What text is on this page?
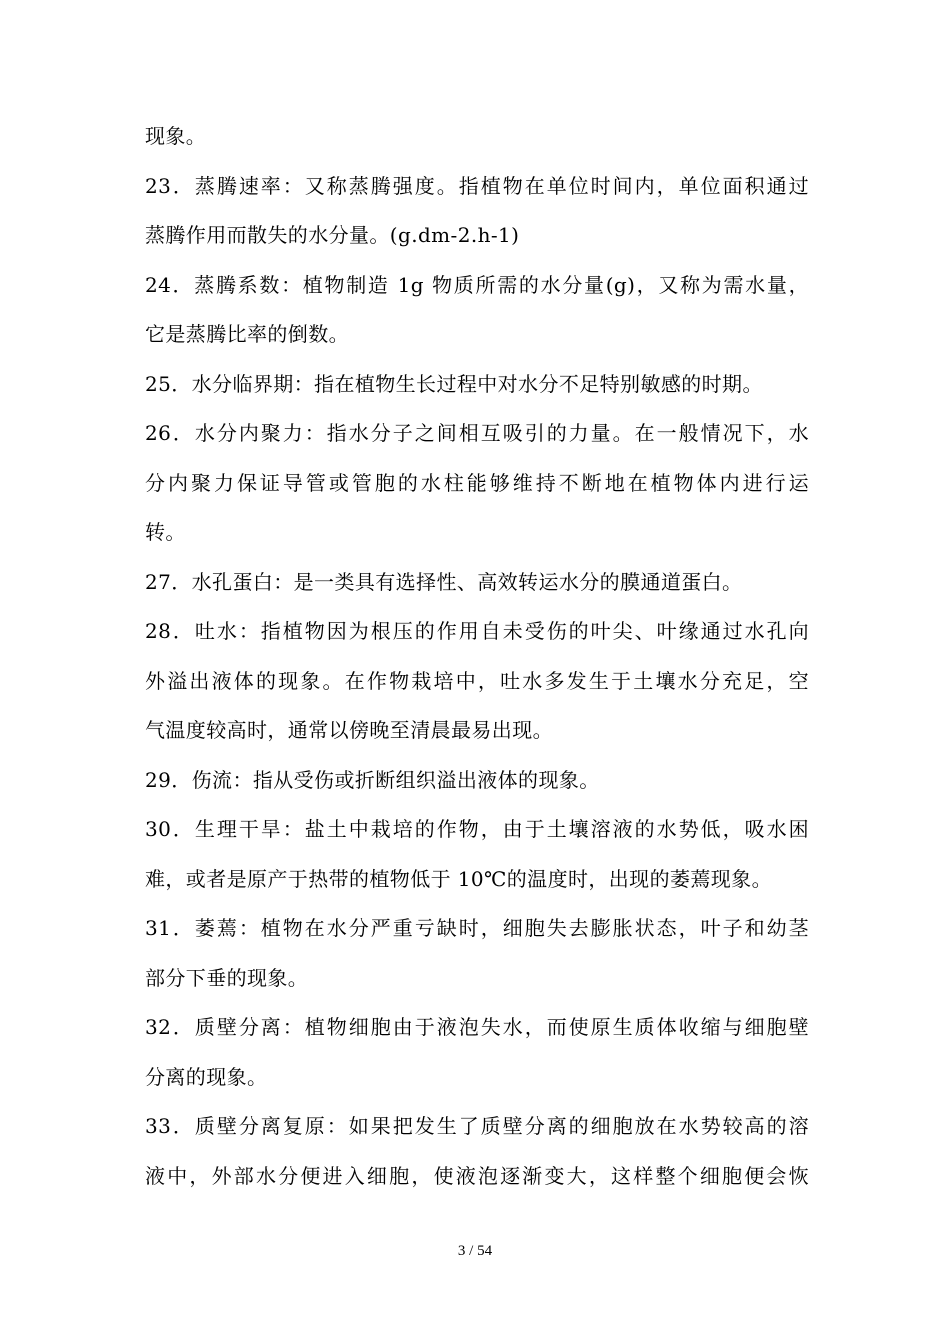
现象。
23．蒸腾速率：又称蒸腾强度。指植物在单位时间内，单位面积通过
蒸腾作用而散失的水分量。(g.dm-2.h-1)
24．蒸腾系数：植物制造 1g 物质所需的水分量(g)，又称为需水量，
它是蒸腾比率的倒数。
25．水分临界期：指在植物生长过程中对水分不足特别敏感的时期。
26．水分内聚力：指水分子之间相互吸引的力量。在一般情况下，水
分内聚力保证导管或管胞的水柱能够维持不断地在植物体内进行运
转。
27．水孔蛋白：是一类具有选择性、高效转运水分的膜通道蛋白。
28．吐水：指植物因为根压的作用自未受伤的叶尖、叶缘通过水孔向
外溢出液体的现象。在作物栽培中，吐水多发生于土壤水分充足，空
气温度较高时，通常以傍晚至清晨最易出现。
29．伤流：指从受伤或折断组织溢出液体的现象。
30．生理干旱：盐土中栽培的作物，由于土壤溶液的水势低，吸水困
难，或者是原产于热带的植物低于 10℃的温度时，出现的萎蔫现象。
31．萎蔫：植物在水分严重亏缺时，细胞失去膨胀状态，叶子和幼茎
部分下垂的现象。
32．质壁分离：植物细胞由于液泡失水，而使原生质体收缩与细胞壁
分离的现象。
33．质壁分离复原：如果把发生了质壁分离的细胞放在水势较高的溶
液中，外部水分便进入细胞，使液泡逐渐变大，这样整个细胞便会恢
3 / 54
